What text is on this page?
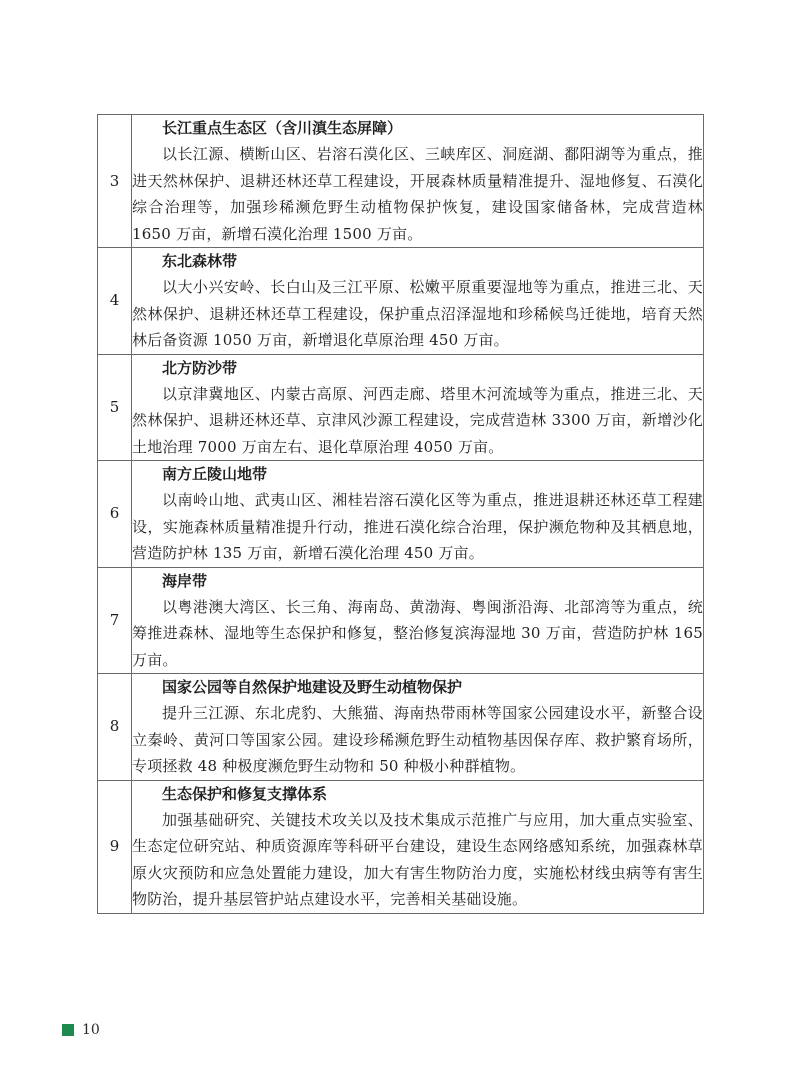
3	长江重点生态区（含川滇生态屏障）
以长江源、横断山区、岩溶石漠化区、三峡库区、洞庭湖、鄱阳湖等为重点，推进天然林保护、退耕还林还草工程建设，开展森林质量精准提升、湿地修复、石漠化综合治理等，加强珍稀濒危野生动植物保护恢复，建设国家储备林，完成营造林 1650 万亩，新增石漠化治理 1500 万亩。

4	东北森林带
以大小兴安岭、长白山及三江平原、松嫩平原重要湿地等为重点，推进三北、天然林保护、退耕还林还草工程建设，保护重点沼泽湿地和珍稀候鸟迁徙地，培育天然林后备资源 1050 万亩，新增退化草原治理 450 万亩。

5	北方防沙带
以京津冀地区、内蒙古高原、河西走廊、塔里木河流域等为重点，推进三北、天然林保护、退耕还林还草、京津风沙源工程建设，完成营造林 3300 万亩，新增沙化土地治理 7000 万亩左右、退化草原治理 4050 万亩。

6	南方丘陵山地带
以南岭山地、武夷山区、湘桂岩溶石漠化区等为重点，推进退耕还林还草工程建设，实施森林质量精准提升行动，推进石漠化综合治理，保护濒危物种及其栖息地，营造防护林 135 万亩，新增石漠化治理 450 万亩。

7	海岸带
以粤港澳大湾区、长三角、海南岛、黄渤海、粤闽浙沿海、北部湾等为重点，统筹推进森林、湿地等生态保护和修复，整治修复滨海湿地 30 万亩，营造防护林 165 万亩。

8	国家公园等自然保护地建设及野生动植物保护
提升三江源、东北虎豹、大熊猫、海南热带雨林等国家公园建设水平，新整合设立秦岭、黄河口等国家公园。建设珍稀濒危野生动植物基因保存库、救护繁育场所，专项拯救 48 种极度濒危野生动物和 50 种极小种群植物。

9	生态保护和修复支撑体系
加强基础研究、关键技术攻关以及技术集成示范推广与应用，加大重点实验室、生态定位研究站、种质资源库等科研平台建设，建设生态网络感知系统，加强森林草原火灾预防和应急处置能力建设，加大有害生物防治力度，实施松材线虫病等有害生物防治，提升基层管护站点建设水平，完善相关基础设施。
10
